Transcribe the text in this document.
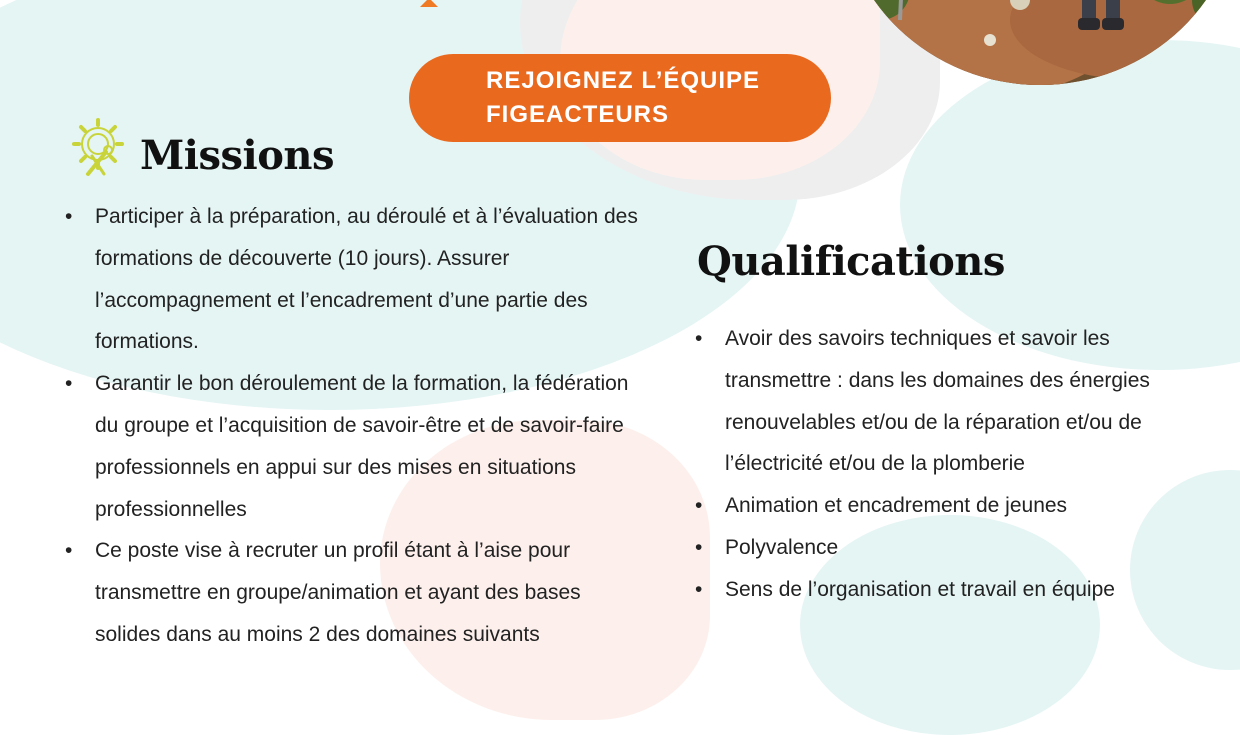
REJOIGNEZ L’ÉQUIPE
FIGEACTEURS
Missions
• Participer à la préparation, au déroulé et à l’évaluation des formations de découverte (10 jours). Assurer l’accompagnement et l’encadrement d’une partie des formations.
• Garantir le bon déroulement de la formation, la fédération du groupe et l’acquisition de savoir-être et de savoir-faire professionnels en appui sur des mises en situations professionnelles
• Ce poste vise à recruter un profil étant à l’aise pour transmettre en groupe/animation et ayant des bases solides dans au moins 2 des domaines suivants
Qualifications
• Avoir des savoirs techniques et savoir les transmettre : dans les domaines des énergies renouvelables et/ou de la réparation et/ou de l’électricité et/ou de la plomberie
• Animation et encadrement de jeunes
• Polyvalence
• Sens de l’organisation et travail en équipe
